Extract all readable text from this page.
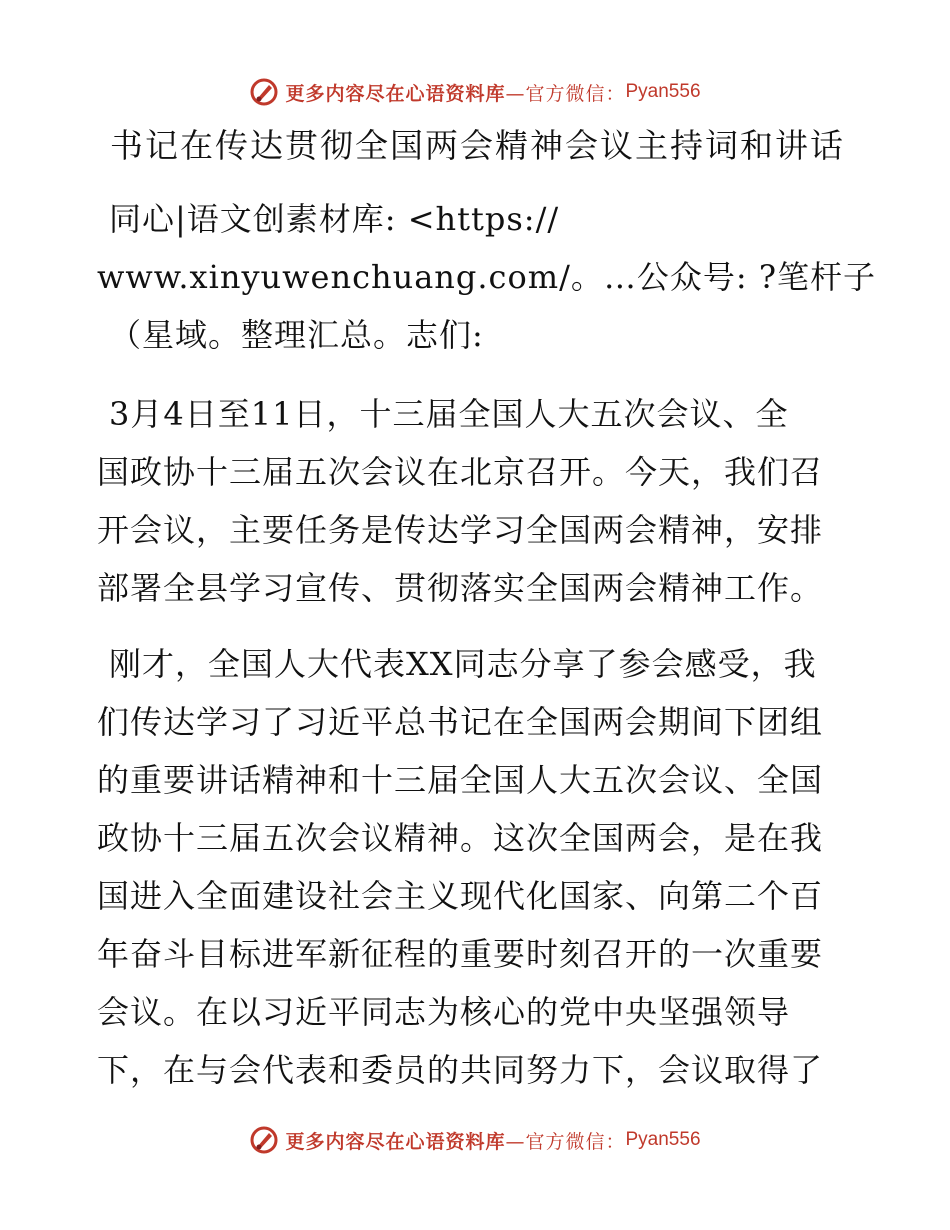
更多内容尽在心语资料库 —官方微信： Pyan556
书记在传达贯彻全国两会精神会议主持词和讲话
同心|语文创素材库: <https://
www.xinyuwenchuang.com/。…公众号: ?笔杆子
（星域。整理汇总。志们:
3月4日至11日，十三届全国人大五次会议、全
国政协十三届五次会议在北京召开。今天，我们召
开会议，主要任务是传达学习全国两会精神，安排
部署全县学习宣传、贯彻落实全国两会精神工作。
刚才，全国人大代表XX同志分享了参会感受，我
们传达学习了习近平总书记在全国两会期间下团组
的重要讲话精神和十三届全国人大五次会议、全国
政协十三届五次会议精神。这次全国两会，是在我
国进入全面建设社会主义现代化国家、向第二个百
年奋斗目标进军新征程的重要时刻召开的一次重要
会议。在以习近平同志为核心的党中央坚强领导
下，在与会代表和委员的共同努力下，会议取得了
更多内容尽在心语资料库 —官方微信： Pyan556
